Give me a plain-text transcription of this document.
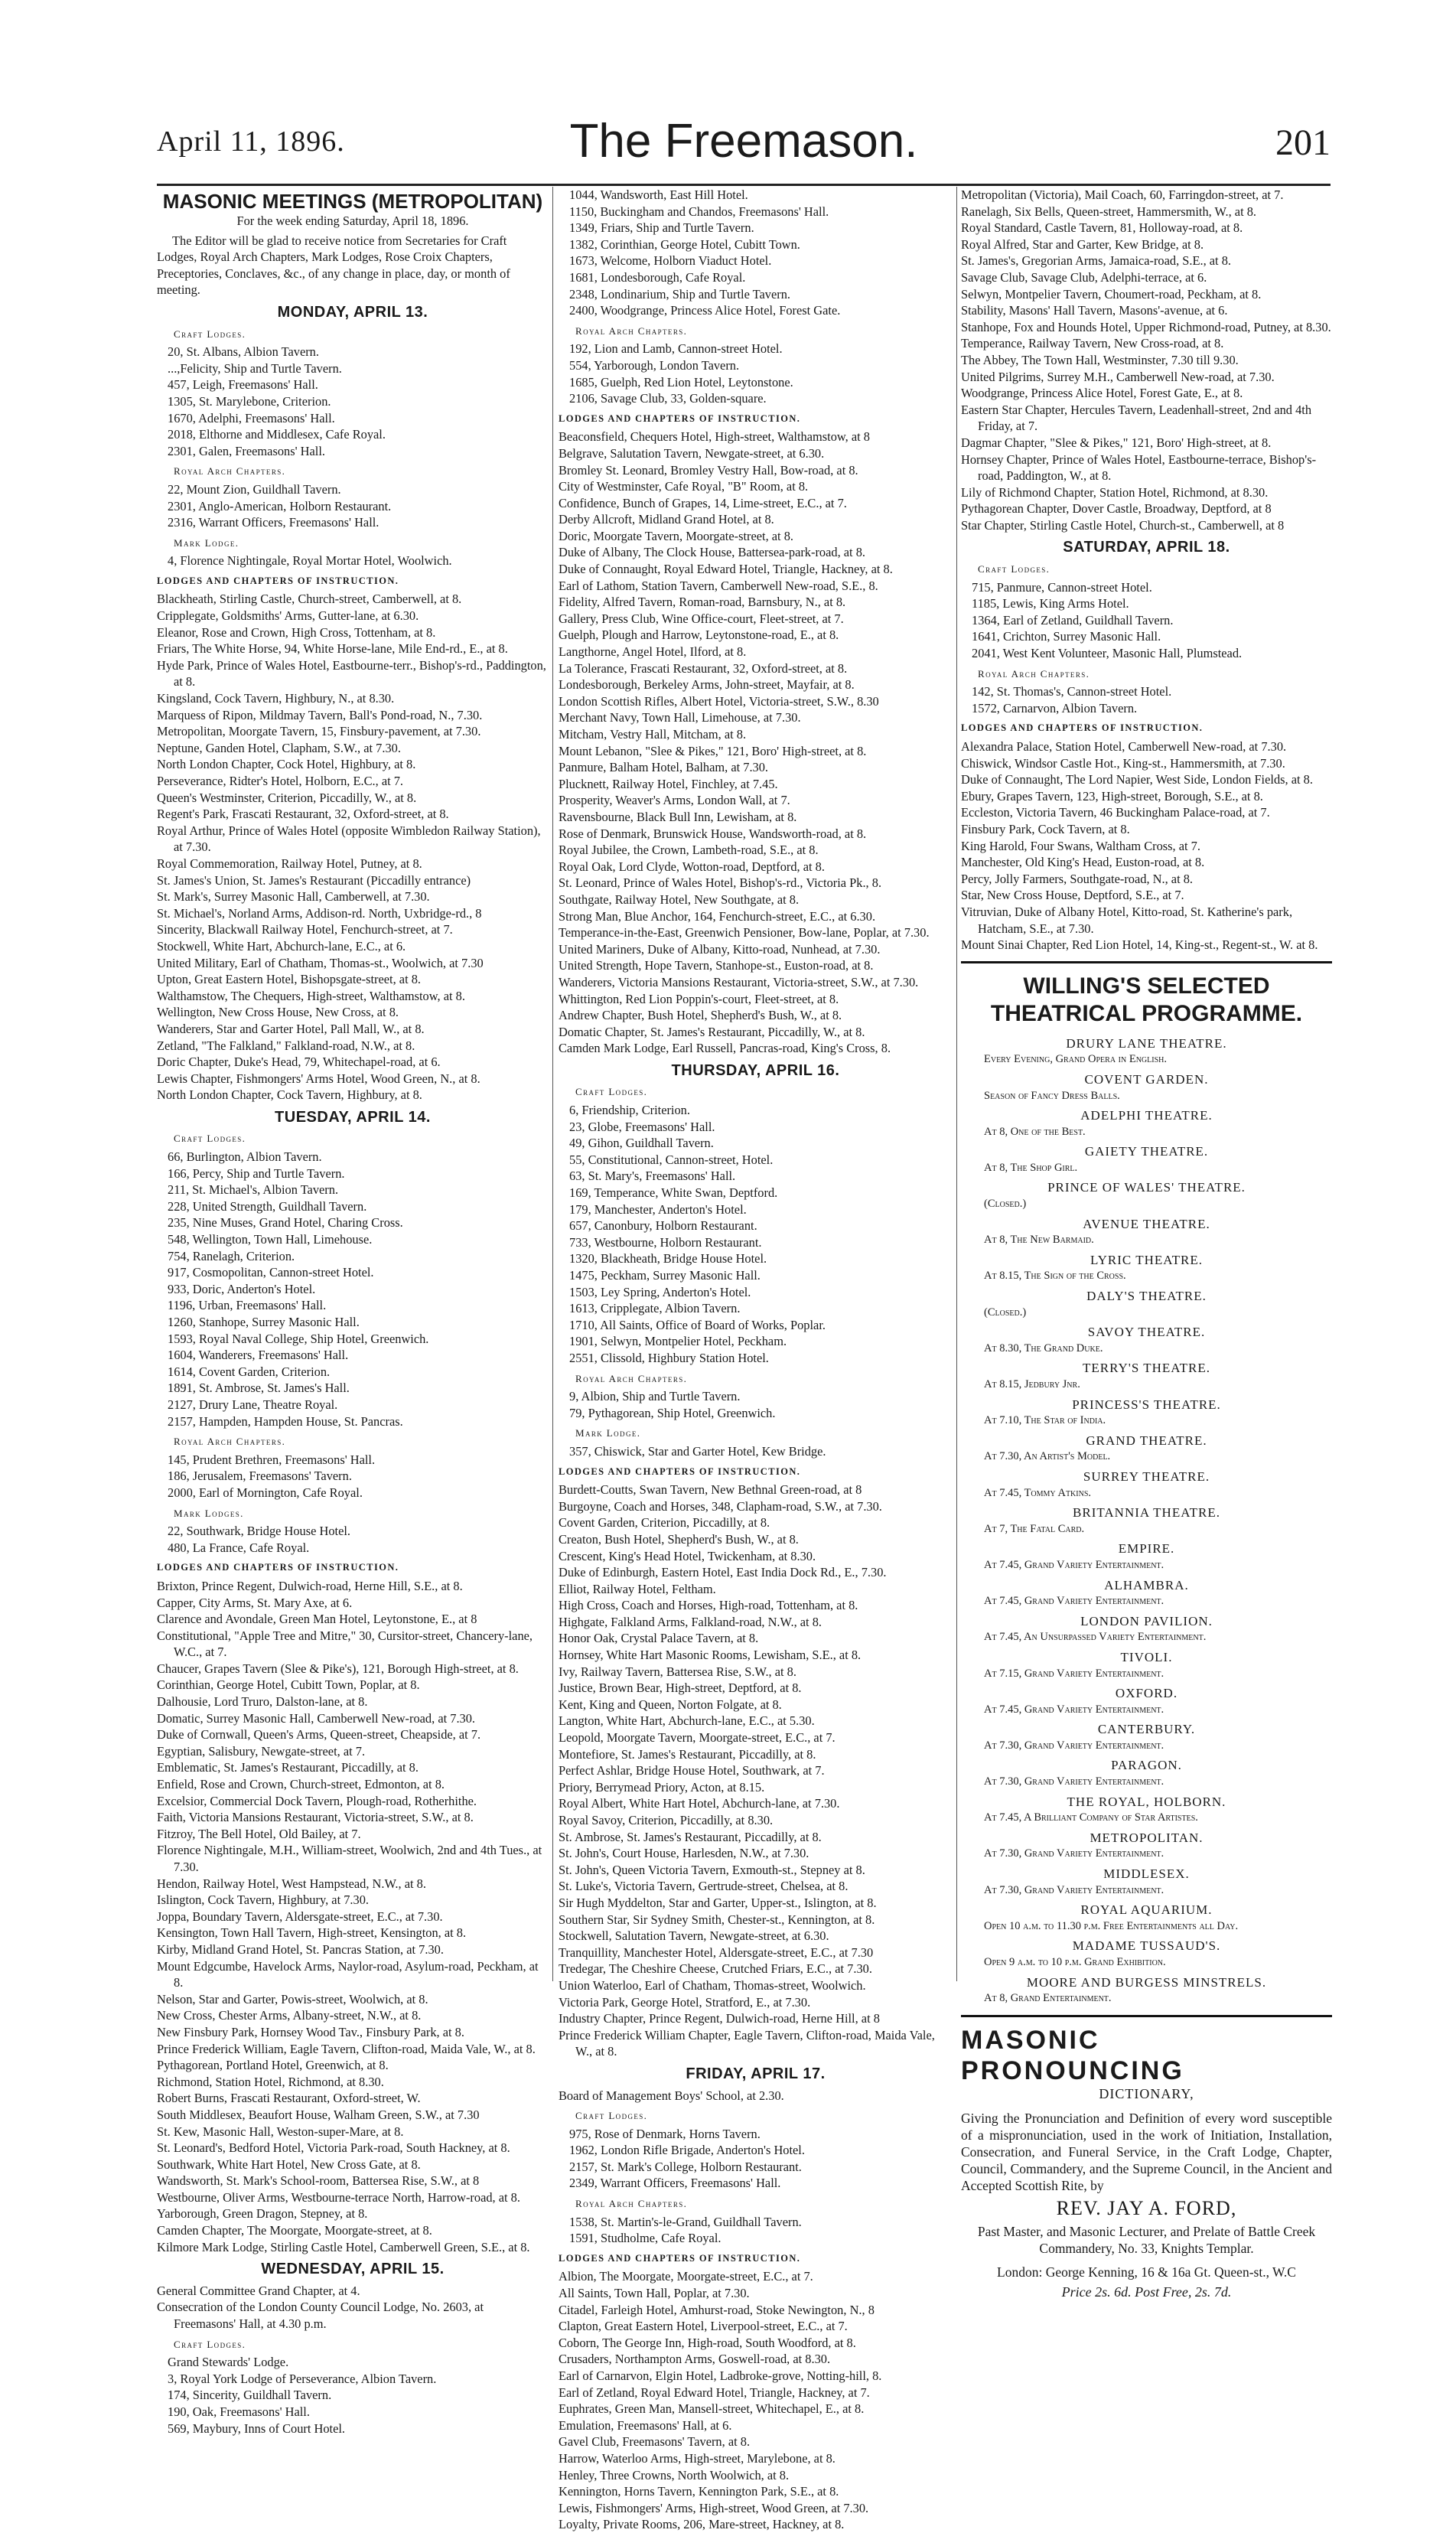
April 11, 1896.	The Freemason.	201
MASONIC MEETINGS (METROPOLITAN)
For the week ending Saturday, April 18, 1896.
The Editor will be glad to receive notice from Secretaries for Craft Lodges, Royal Arch Chapters, Mark Lodges, Rose Croix Chapters, Preceptories, Conclaves, &c., of any change in place, day, or month of meeting.
MONDAY, APRIL 13.
Craft Lodges.
20, St. Albans, Albion Tavern.
...,Felicity, Ship and Turtle Tavern.
457, Leigh, Freemasons' Hall.
1305, St. Marylebone, Criterion.
1670, Adelphi, Freemasons' Hall.
2018, Elthorne and Middlesex, Cafe Royal.
2301, Galen, Freemasons' Hall.
Royal Arch Chapters.
22, Mount Zion, Guildhall Tavern.
2301, Anglo-American, Holborn Restaurant.
2316, Warrant Officers, Freemasons' Hall.
Mark Lodge.
4, Florence Nightingale, Royal Mortar Hotel, Woolwich.
LODGES AND CHAPTERS OF INSTRUCTION.
Blackheath, Stirling Castle, Church-street, Camberwell, at 8.
Cripplegate, Goldsmiths' Arms, Gutter-lane, at 6.30.
Eleanor, Rose and Crown, High Cross, Tottenham, at 8.
Friars, The White Horse, 94, White Horse-lane, Mile End-rd., E., at 8.
Hyde Park, Prince of Wales Hotel, Eastbourne-terr., Bishop's-rd., Paddington, at 8.
Kingsland, Cock Tavern, Highbury, N., at 8.30.
Marquess of Ripon, Mildmay Tavern, Ball's Pond-road, N., 7.30.
Metropolitan, Moorgate Tavern, 15, Finsbury-pavement, at 7.30.
Neptune, Ganden Hotel, Clapham, S.W., at 7.30.
North London Chapter, Cock Hotel, Highbury, at 8.
Perseverance, Ridter's Hotel, Holborn, E.C., at 7.
Queen's Westminster, Criterion, Piccadilly, W., at 8.
Regent's Park, Frascati Restaurant, 32, Oxford-street, at 8.
Royal Arthur, Prince of Wales Hotel (opposite Wimbledon Railway Station), at 7.30.
Royal Commemoration, Railway Hotel, Putney, at 8.
St. James's Union, St. James's Restaurant (Piccadilly entrance)
St. Mark's, Surrey Masonic Hall, Camberwell, at 7.30.
St. Michael's, Norland Arms, Addison-rd. North, Uxbridge-rd., 8
Sincerity, Blackwall Railway Hotel, Fenchurch-street, at 7.
Stockwell, White Hart, Abchurch-lane, E.C., at 6.
United Military, Earl of Chatham, Thomas-st., Woolwich, at 7.30
Upton, Great Eastern Hotel, Bishopsgate-street, at 8.
Walthamstow, The Chequers, High-street, Walthamstow, at 8.
Wellington, New Cross House, New Cross, at 8.
Wanderers, Star and Garter Hotel, Pall Mall, W., at 8.
Zetland, "The Falkland," Falkland-road, N.W., at 8.
Doric Chapter, Duke's Head, 79, Whitechapel-road, at 6.
Lewis Chapter, Fishmongers' Arms Hotel, Wood Green, N., at 8.
North London Chapter, Cock Tavern, Highbury, at 8.
TUESDAY, APRIL 14.
Craft Lodges.
66, Burlington, Albion Tavern.
166, Percy, Ship and Turtle Tavern.
211, St. Michael's, Albion Tavern.
228, United Strength, Guildhall Tavern.
235, Nine Muses, Grand Hotel, Charing Cross.
548, Wellington, Town Hall, Limehouse.
754, Ranelagh, Criterion.
917, Cosmopolitan, Cannon-street Hotel.
933, Doric, Anderton's Hotel.
1196, Urban, Freemasons' Hall.
1260, Stanhope, Surrey Masonic Hall.
1593, Royal Naval College, Ship Hotel, Greenwich.
1604, Wanderers, Freemasons' Hall.
1614, Covent Garden, Criterion.
1891, St. Ambrose, St. James's Hall.
2127, Drury Lane, Theatre Royal.
2157, Hampden, Hampden House, St. Pancras.
Royal Arch Chapters.
145, Prudent Brethren, Freemasons' Hall.
186, Jerusalem, Freemasons' Tavern.
2000, Earl of Mornington, Cafe Royal.
Mark Lodges.
22, Southwark, Bridge House Hotel.
480, La France, Cafe Royal.
LODGES AND CHAPTERS OF INSTRUCTION.
Brixton, Prince Regent, Dulwich-road, Herne Hill, S.E., at 8.
Capper, City Arms, St. Mary Axe, at 6.
Clarence and Avondale, Green Man Hotel, Leytonstone, E., at 8
Constitutional, "Apple Tree and Mitre," 30, Cursitor-street, Chancery-lane, W.C., at 7.
Chaucer, Grapes Tavern (Slee & Pike's), 121, Borough High-street, at 8.
Corinthian, George Hotel, Cubitt Town, Poplar, at 8.
Dalhousie, Lord Truro, Dalston-lane, at 8.
Domatic, Surrey Masonic Hall, Camberwell New-road, at 7.30.
Duke of Cornwall, Queen's Arms, Queen-street, Cheapside, at 7.
Egyptian, Salisbury, Newgate-street, at 7.
Emblematic, St. James's Restaurant, Piccadilly, at 8.
Enfield, Rose and Crown, Church-street, Edmonton, at 8.
Excelsior, Commercial Dock Tavern, Plough-road, Rotherhithe.
Faith, Victoria Mansions Restaurant, Victoria-street, S.W., at 8.
Fitzroy, The Bell Hotel, Old Bailey, at 7.
Florence Nightingale, M.H., William-street, Woolwich, 2nd and 4th Tues., at 7.30.
Hendon, Railway Hotel, West Hampstead, N.W., at 8.
Islington, Cock Tavern, Highbury, at 7.30.
Joppa, Boundary Tavern, Aldersgate-street, E.C., at 7.30.
Kensington, Town Hall Tavern, High-street, Kensington, at 8.
Kirby, Midland Grand Hotel, St. Pancras Station, at 7.30.
Mount Edgcumbe, Havelock Arms, Naylor-road, Asylum-road, Peckham, at 8.
Nelson, Star and Garter, Powis-street, Woolwich, at 8.
New Cross, Chester Arms, Albany-street, N.W., at 8.
New Finsbury Park, Hornsey Wood Tav., Finsbury Park, at 8.
Prince Frederick William, Eagle Tavern, Clifton-road, Maida Vale, W., at 8.
Pythagorean, Portland Hotel, Greenwich, at 8.
Richmond, Station Hotel, Richmond, at 8.30.
Robert Burns, Frascati Restaurant, Oxford-street, W.
South Middlesex, Beaufort House, Walham Green, S.W., at 7.30
St. Kew, Masonic Hall, Weston-super-Mare, at 8.
St. Leonard's, Bedford Hotel, Victoria Park-road, South Hackney, at 8.
Southwark, White Hart Hotel, New Cross Gate, at 8.
Wandsworth, St. Mark's School-room, Battersea Rise, S.W., at 8
Westbourne, Oliver Arms, Westbourne-terrace North, Harrow-road, at 8.
Yarborough, Green Dragon, Stepney, at 8.
Camden Chapter, The Moorgate, Moorgate-street, at 8.
Kilmore Mark Lodge, Stirling Castle Hotel, Camberwell Green, S.E., at 8.
WEDNESDAY, APRIL 15.
General Committee Grand Chapter, at 4.
Consecration of the London County Council Lodge, No. 2603, at Freemasons' Hall, at 4.30 p.m.
Craft Lodges.
Grand Stewards' Lodge.
3, Royal York Lodge of Perseverance, Albion Tavern.
174, Sincerity, Guildhall Tavern.
190, Oak, Freemasons' Hall.
569, Maybury, Inns of Court Hotel.
1044, Wandsworth, East Hill Hotel.
1150, Buckingham and Chandos, Freemasons' Hall.
1349, Friars, Ship and Turtle Tavern.
1382, Corinthian, George Hotel, Cubitt Town.
1673, Welcome, Holborn Viaduct Hotel.
1681, Londesborough, Cafe Royal.
2348, Londinarium, Ship and Turtle Tavern.
2400, Woodgrange, Princess Alice Hotel, Forest Gate.
Royal Arch Chapters.
192, Lion and Lamb, Cannon-street Hotel.
554, Yarborough, London Tavern.
1685, Guelph, Red Lion Hotel, Leytonstone.
2106, Savage Club, 33, Golden-square.
LODGES AND CHAPTERS OF INSTRUCTION.
Beaconsfield, Chequers Hotel, High-street, Walthamstow, at 8
Belgrave, Salutation Tavern, Newgate-street, at 6.30.
Bromley St. Leonard, Bromley Vestry Hall, Bow-road, at 8.
City of Westminster, Cafe Royal, "B" Room, at 8.
Confidence, Bunch of Grapes, 14, Lime-street, E.C., at 7.
Derby Allcroft, Midland Grand Hotel, at 8.
Doric, Moorgate Tavern, Moorgate-street, at 8.
Duke of Albany, The Clock House, Battersea-park-road, at 8.
Duke of Connaught, Royal Edward Hotel, Triangle, Hackney, at 8.
Earl of Lathom, Station Tavern, Camberwell New-road, S.E., 8.
Fidelity, Alfred Tavern, Roman-road, Barnsbury, N., at 8.
Gallery, Press Club, Wine Office-court, Fleet-street, at 7.
Guelph, Plough and Harrow, Leytonstone-road, E., at 8.
Langthorne, Angel Hotel, Ilford, at 8.
La Tolerance, Frascati Restaurant, 32, Oxford-street, at 8.
Londesborough, Berkeley Arms, John-street, Mayfair, at 8.
London Scottish Rifles, Albert Hotel, Victoria-street, S.W., 8.30
Merchant Navy, Town Hall, Limehouse, at 7.30.
Mitcham, Vestry Hall, Mitcham, at 8.
Mount Lebanon, "Slee & Pikes," 121, Boro' High-street, at 8.
Panmure, Balham Hotel, Balham, at 7.30.
Plucknett, Railway Hotel, Finchley, at 7.45.
Prosperity, Weaver's Arms, London Wall, at 7.
Ravensbourne, Black Bull Inn, Lewisham, at 8.
Rose of Denmark, Brunswick House, Wandsworth-road, at 8.
Royal Jubilee, the Crown, Lambeth-road, S.E., at 8.
Royal Oak, Lord Clyde, Wotton-road, Deptford, at 8.
St. Leonard, Prince of Wales Hotel, Bishop's-rd., Victoria Pk., 8.
Southgate, Railway Hotel, New Southgate, at 8.
Strong Man, Blue Anchor, 164, Fenchurch-street, E.C., at 6.30.
Temperance-in-the-East, Greenwich Pensioner, Bow-lane, Poplar, at 7.30.
United Mariners, Duke of Albany, Kitto-road, Nunhead, at 7.30.
United Strength, Hope Tavern, Stanhope-st., Euston-road, at 8.
Wanderers, Victoria Mansions Restaurant, Victoria-street, S.W., at 7.30.
Whittington, Red Lion Poppin's-court, Fleet-street, at 8.
Andrew Chapter, Bush Hotel, Shepherd's Bush, W., at 8.
Domatic Chapter, St. James's Restaurant, Piccadilly, W., at 8.
Camden Mark Lodge, Earl Russell, Pancras-road, King's Cross, 8.
THURSDAY, APRIL 16.
Craft Lodges.
6, Friendship, Criterion.
23, Globe, Freemasons' Hall.
49, Gihon, Guildhall Tavern.
55, Constitutional, Cannon-street, Hotel.
63, St. Mary's, Freemasons' Hall.
169, Temperance, White Swan, Deptford.
179, Manchester, Anderton's Hotel.
657, Canonbury, Holborn Restaurant.
733, Westbourne, Holborn Restaurant.
1320, Blackheath, Bridge House Hotel.
1475, Peckham, Surrey Masonic Hall.
1503, Ley Spring, Anderton's Hotel.
1613, Cripplegate, Albion Tavern.
1710, All Saints, Office of Board of Works, Poplar.
1901, Selwyn, Montpelier Hotel, Peckham.
2551, Clissold, Highbury Station Hotel.
Royal Arch Chapters.
9, Albion, Ship and Turtle Tavern.
79, Pythagorean, Ship Hotel, Greenwich.
Mark Lodge.
357, Chiswick, Star and Garter Hotel, Kew Bridge.
LODGES AND CHAPTERS OF INSTRUCTION.
Burdett-Coutts, Swan Tavern, New Bethnal Green-road, at 8
Burgoyne, Coach and Horses, 348, Clapham-road, S.W., at 7.30.
Covent Garden, Criterion, Piccadilly, at 8.
Creaton, Bush Hotel, Shepherd's Bush, W., at 8.
Crescent, King's Head Hotel, Twickenham, at 8.30.
Duke of Edinburgh, Eastern Hotel, East India Dock Rd., E., 7.30.
Elliot, Railway Hotel, Feltham.
High Cross, Coach and Horses, High-road, Tottenham, at 8.
Highgate, Falkland Arms, Falkland-road, N.W., at 8.
Honor Oak, Crystal Palace Tavern, at 8.
Hornsey, White Hart Masonic Rooms, Lewisham, S.E., at 8.
Ivy, Railway Tavern, Battersea Rise, S.W., at 8.
Justice, Brown Bear, High-street, Deptford, at 8.
Kent, King and Queen, Norton Folgate, at 8.
Langton, White Hart, Abchurch-lane, E.C., at 5.30.
Leopold, Moorgate Tavern, Moorgate-street, E.C., at 7.
Montefiore, St. James's Restaurant, Piccadilly, at 8.
Perfect Ashlar, Bridge House Hotel, Southwark, at 7.
Priory, Berrymead Priory, Acton, at 8.15.
Royal Albert, White Hart Hotel, Abchurch-lane, at 7.30.
Royal Savoy, Criterion, Piccadilly, at 8.30.
St. Ambrose, St. James's Restaurant, Piccadilly, at 8.
St. John's, Court House, Harlesden, N.W., at 7.30.
St. John's, Queen Victoria Tavern, Exmouth-st., Stepney at 8.
St. Luke's, Victoria Tavern, Gertrude-street, Chelsea, at 8.
Sir Hugh Myddelton, Star and Garter, Upper-st., Islington, at 8.
Southern Star, Sir Sydney Smith, Chester-st., Kennington, at 8.
Stockwell, Salutation Tavern, Newgate-street, at 6.30.
Tranquillity, Manchester Hotel, Aldersgate-street, E.C., at 7.30
Tredegar, The Cheshire Cheese, Crutched Friars, E.C., at 7.30.
Union Waterloo, Earl of Chatham, Thomas-street, Woolwich.
Victoria Park, George Hotel, Stratford, E., at 7.30.
Industry Chapter, Prince Regent, Dulwich-road, Herne Hill, at 8
Prince Frederick William Chapter, Eagle Tavern, Clifton-road, Maida Vale, W., at 8.
FRIDAY, APRIL 17.
Board of Management Boys' School, at 2.30.
Craft Lodges.
975, Rose of Denmark, Horns Tavern.
1962, London Rifle Brigade, Anderton's Hotel.
2157, St. Mark's College, Holborn Restaurant.
2349, Warrant Officers, Freemasons' Hall.
Royal Arch Chapters.
1538, St. Martin's-le-Grand, Guildhall Tavern.
1591, Studholme, Cafe Royal.
LODGES AND CHAPTERS OF INSTRUCTION.
Albion, The Moorgate, Moorgate-street, E.C., at 7.
All Saints, Town Hall, Poplar, at 7.30.
Citadel, Farleigh Hotel, Amhurst-road, Stoke Newington, N., 8
Clapton, Great Eastern Hotel, Liverpool-street, E.C., at 7.
Coborn, The George Inn, High-road, South Woodford, at 8.
Crusaders, Northampton Arms, Goswell-road, at 8.30.
Earl of Carnarvon, Elgin Hotel, Ladbroke-grove, Notting-hill, 8.
Earl of Zetland, Royal Edward Hotel, Triangle, Hackney, at 7.
Euphrates, Green Man, Mansell-street, Whitechapel, E., at 8.
Emulation, Freemasons' Hall, at 6.
Gavel Club, Freemasons' Tavern, at 8.
Harrow, Waterloo Arms, High-street, Marylebone, at 8.
Henley, Three Crowns, North Woolwich, at 8.
Kennington, Horns Tavern, Kennington Park, S.E., at 8.
Lewis, Fishmongers' Arms, High-street, Wood Green, at 7.30.
Loyalty, Private Rooms, 206, Mare-street, Hackney, at 8.
Metropolitan (Victoria), Mail Coach, 60, Farringdon-street, at 7.
Ranelagh, Six Bells, Queen-street, Hammersmith, W., at 8.
Royal Standard, Castle Tavern, 81, Holloway-road, at 8.
Royal Alfred, Star and Garter, Kew Bridge, at 8.
St. James's, Gregorian Arms, Jamaica-road, S.E., at 8.
Savage Club, Savage Club, Adelphi-terrace, at 6.
Selwyn, Montpelier Tavern, Choumert-road, Peckham, at 8.
Stability, Masons' Hall Tavern, Masons'-avenue, at 6.
Stanhope, Fox and Hounds Hotel, Upper Richmond-road, Putney, at 8.30.
Temperance, Railway Tavern, New Cross-road, at 8.
The Abbey, The Town Hall, Westminster, 7.30 till 9.30.
United Pilgrims, Surrey M.H., Camberwell New-road, at 7.30.
Woodgrange, Princess Alice Hotel, Forest Gate, E., at 8.
Eastern Star Chapter, Hercules Tavern, Leadenhall-street, 2nd and 4th Friday, at 7.
Dagmar Chapter, "Slee & Pikes," 121, Boro' High-street, at 8.
Hornsey Chapter, Prince of Wales Hotel, Eastbourne-terrace, Bishop's-road, Paddington, W., at 8.
Lily of Richmond Chapter, Station Hotel, Richmond, at 8.30.
Pythagorean Chapter, Dover Castle, Broadway, Deptford, at 8
Star Chapter, Stirling Castle Hotel, Church-st., Camberwell, at 8
SATURDAY, APRIL 18.
Craft Lodges.
715, Panmure, Cannon-street Hotel.
1185, Lewis, King Arms Hotel.
1364, Earl of Zetland, Guildhall Tavern.
1641, Crichton, Surrey Masonic Hall.
2041, West Kent Volunteer, Masonic Hall, Plumstead.
Royal Arch Chapters.
142, St. Thomas's, Cannon-street Hotel.
1572, Carnarvon, Albion Tavern.
LODGES AND CHAPTERS OF INSTRUCTION.
Alexandra Palace, Station Hotel, Camberwell New-road, at 7.30.
Chiswick, Windsor Castle Hot., King-st., Hammersmith, at 7.30.
Duke of Connaught, The Lord Napier, West Side, London Fields, at 8.
Ebury, Grapes Tavern, 123, High-street, Borough, S.E., at 8.
Eccleston, Victoria Tavern, 46 Buckingham Palace-road, at 7.
Finsbury Park, Cock Tavern, at 8.
King Harold, Four Swans, Waltham Cross, at 7.
Manchester, Old King's Head, Euston-road, at 8.
Percy, Jolly Farmers, Southgate-road, N., at 8.
Star, New Cross House, Deptford, S.E., at 7.
Vitruvian, Duke of Albany Hotel, Kitto-road, St. Katherine's park, Hatcham, S.E., at 7.30.
Mount Sinai Chapter, Red Lion Hotel, 14, King-st., Regent-st., W. at 8.
WILLING'S SELECTED THEATRICAL PROGRAMME.
DRURY LANE THEATRE.
Every Evening, Grand Opera in English.
COVENT GARDEN.
Season of Fancy Dress Balls.
ADELPHI THEATRE.
At 8, One of the Best.
GAIETY THEATRE.
At 8, The Shop Girl.
PRINCE OF WALES' THEATRE.
(Closed.)
AVENUE THEATRE.
At 8, The New Barmaid.
LYRIC THEATRE.
At 8.15, The Sign of the Cross.
DALY'S THEATRE.
(Closed.)
SAVOY THEATRE.
At 8.30, The Grand Duke.
TERRY'S THEATRE.
At 8.15, Jedbury Jnr.
PRINCESS'S THEATRE.
At 7.10, The Star of India.
GRAND THEATRE.
At 7.30, An Artist's Model.
SURREY THEATRE.
At 7.45, Tommy Atkins.
BRITANNIA THEATRE.
At 7, The Fatal Card.
EMPIRE.
At 7.45, Grand Variety Entertainment.
ALHAMBRA.
At 7.45, Grand Variety Entertainment.
LONDON PAVILION.
At 7.45, An Unsurpassed Variety Entertainment.
TIVOLI.
At 7.15, Grand Variety Entertainment.
OXFORD.
At 7.45, Grand Variety Entertainment.
CANTERBURY.
At 7.30, Grand Variety Entertainment.
PARAGON.
At 7.30, Grand Variety Entertainment.
THE ROYAL, HOLBORN.
At 7.45, A Brilliant Company of Star Artistes.
METROPOLITAN.
At 7.30, Grand Variety Entertainment.
MIDDLESEX.
At 7.30, Grand Variety Entertainment.
ROYAL AQUARIUM.
Open 10 a.m. to 11.30 p.m. Free Entertainments all Day.
MADAME TUSSAUD'S.
Open 9 a.m. to 10 p.m. Grand Exhibition.
MOORE AND BURGESS MINSTRELS.
At 8, Grand Entertainment.
MASONIC PRONOUNCING
DICTIONARY,
Giving the Pronunciation and Definition of every word susceptible of a mispronunciation, used in the work of Initiation, Installation, Consecration, and Funeral Service, in the Craft Lodge, Chapter, Council, Commandery, and the Supreme Council, in the Ancient and Accepted Scottish Rite, by
REV. JAY A. FORD,
Past Master, and Masonic Lecturer, and Prelate of Battle Creek Commandery, No. 33, Knights Templar.
London: George Kenning, 16 & 16a Gt. Queen-st., W.C
Price 2s. 6d. Post Free, 2s. 7d.
